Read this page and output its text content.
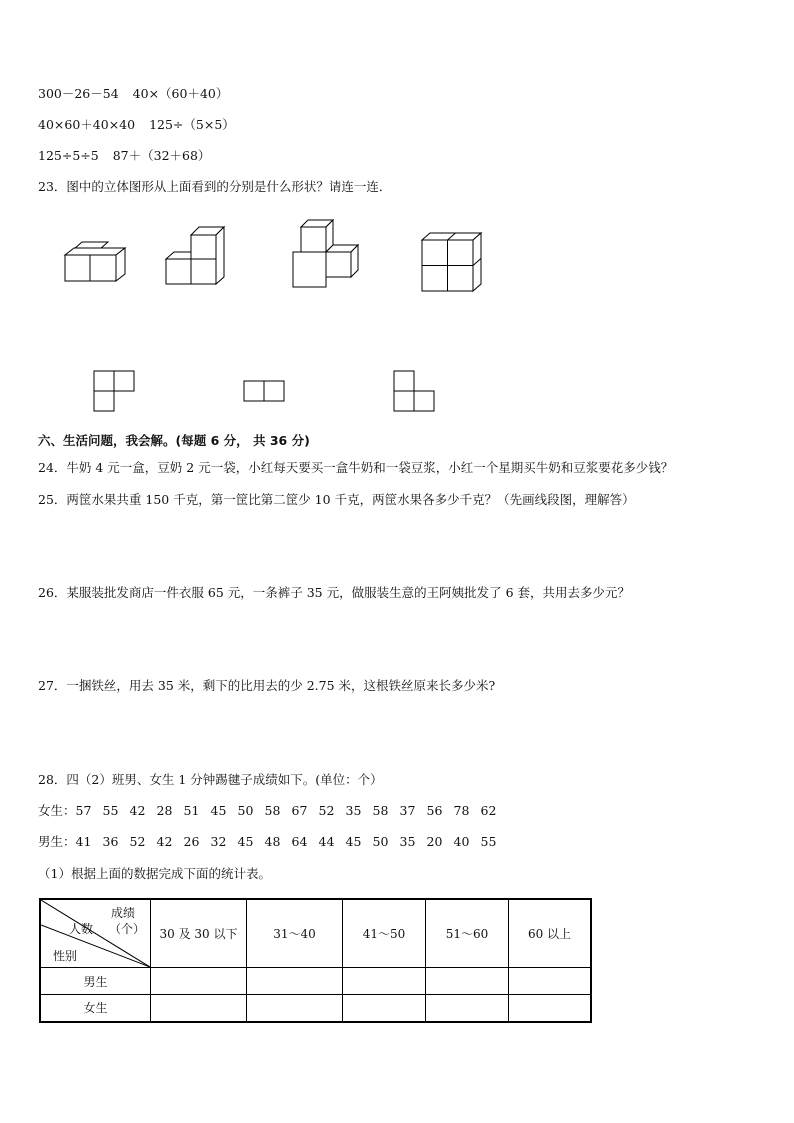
300－26－54 40×（60＋40）
40×60＋40×40 125÷（5×5）
125÷5÷5 87＋（32＋68）
23．图中的立体图形从上面看到的分别是什么形状？请连一连．
六、生活问题，我会解。(每题 6 分， 共 36 分)
24．牛奶 4 元一盒，豆奶 2 元一袋，小红每天要买一盒牛奶和一袋豆浆，小红一个星期买牛奶和豆浆要花多少钱？
25．两筐水果共重 150 千克，第一筐比第二筐少 10 千克，两筐水果各多少千克？（先画线段图，理解答）
26．某服装批发商店一件衣服 65 元，一条裤子 35 元，做服装生意的王阿姨批发了 6 套，共用去多少元？
27．一捆铁丝，用去 35 米，剩下的比用去的少 2.75 米，这根铁丝原来长多少米?
28．四（2）班男、女生 1 分钟踢毽子成绩如下。(单位：个）
女生：57 55 42 28 51 45 50 58 67 52 35 58 37 56 78 62
男生：41 36 52 42 26 32 45 48 64 44 45 50 35 20 40 55
（1）根据上面的数据完成下面的统计表。
成绩
（个）
人数
性别	30 及 30 以下	31～40	41～50	51～60	60 以上
男生					
女生					
